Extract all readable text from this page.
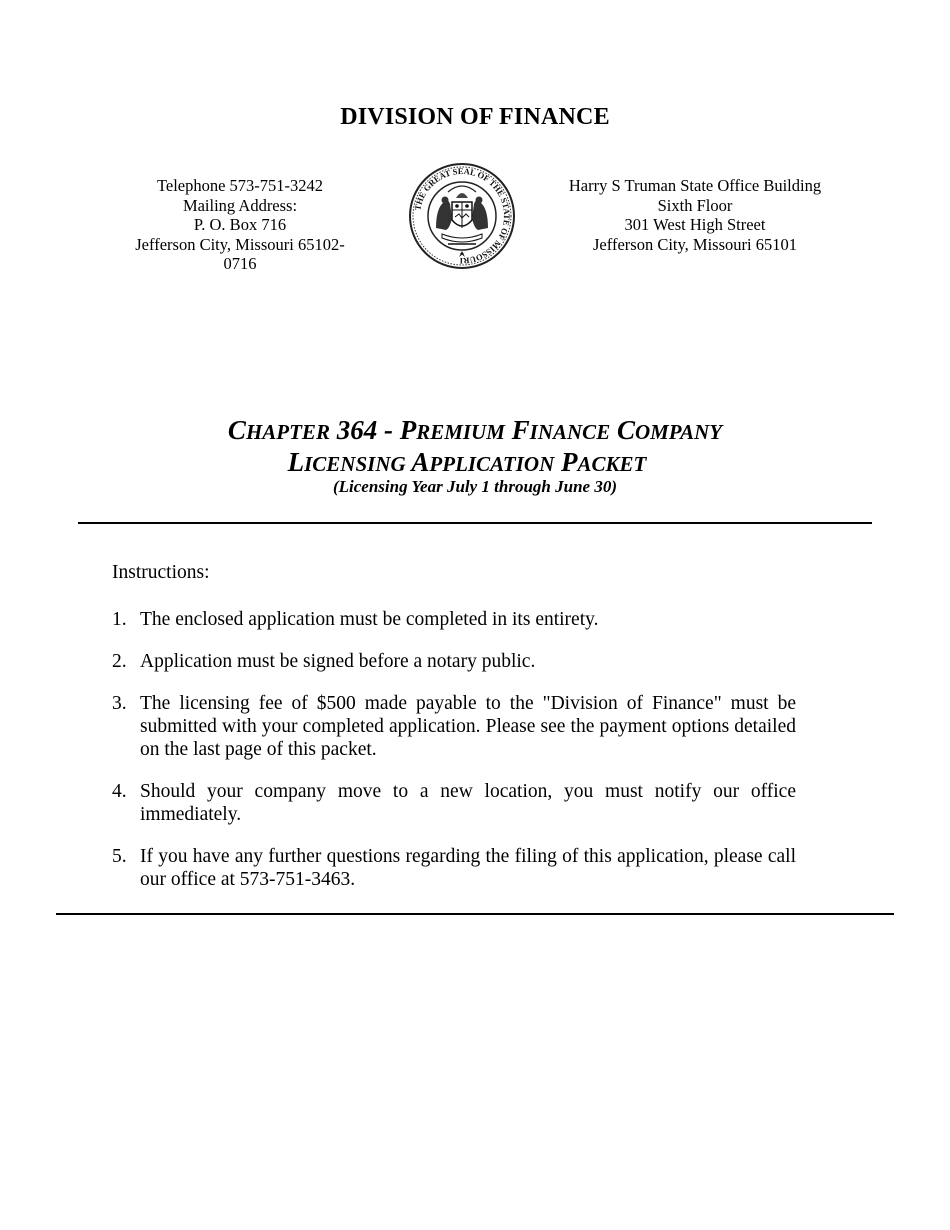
DIVISION OF FINANCE
Telephone 573-751-3242
Mailing Address:
P. O. Box 716
Jefferson City, Missouri 65102-0716
THE GREAT SEAL OF THE STATE OF MISSOURI
Harry S Truman State Office Building
Sixth Floor
301 West High Street
Jefferson City, Missouri 65101
CHAPTER 364 - PREMIUM FINANCE COMPANY
LICENSING APPLICATION PACKET
(Licensing Year July 1 through June 30)
Instructions:
1. The enclosed application must be completed in its entirety.
2. Application must be signed before a notary public.
3. The licensing fee of $500 made payable to the "Division of Finance" must be submitted with your completed application. Please see the payment options detailed on the last page of this packet.
4. Should your company move to a new location, you must notify our office immediately.
5. If you have any further questions regarding the filing of this application, please call our office at 573-751-3463.
